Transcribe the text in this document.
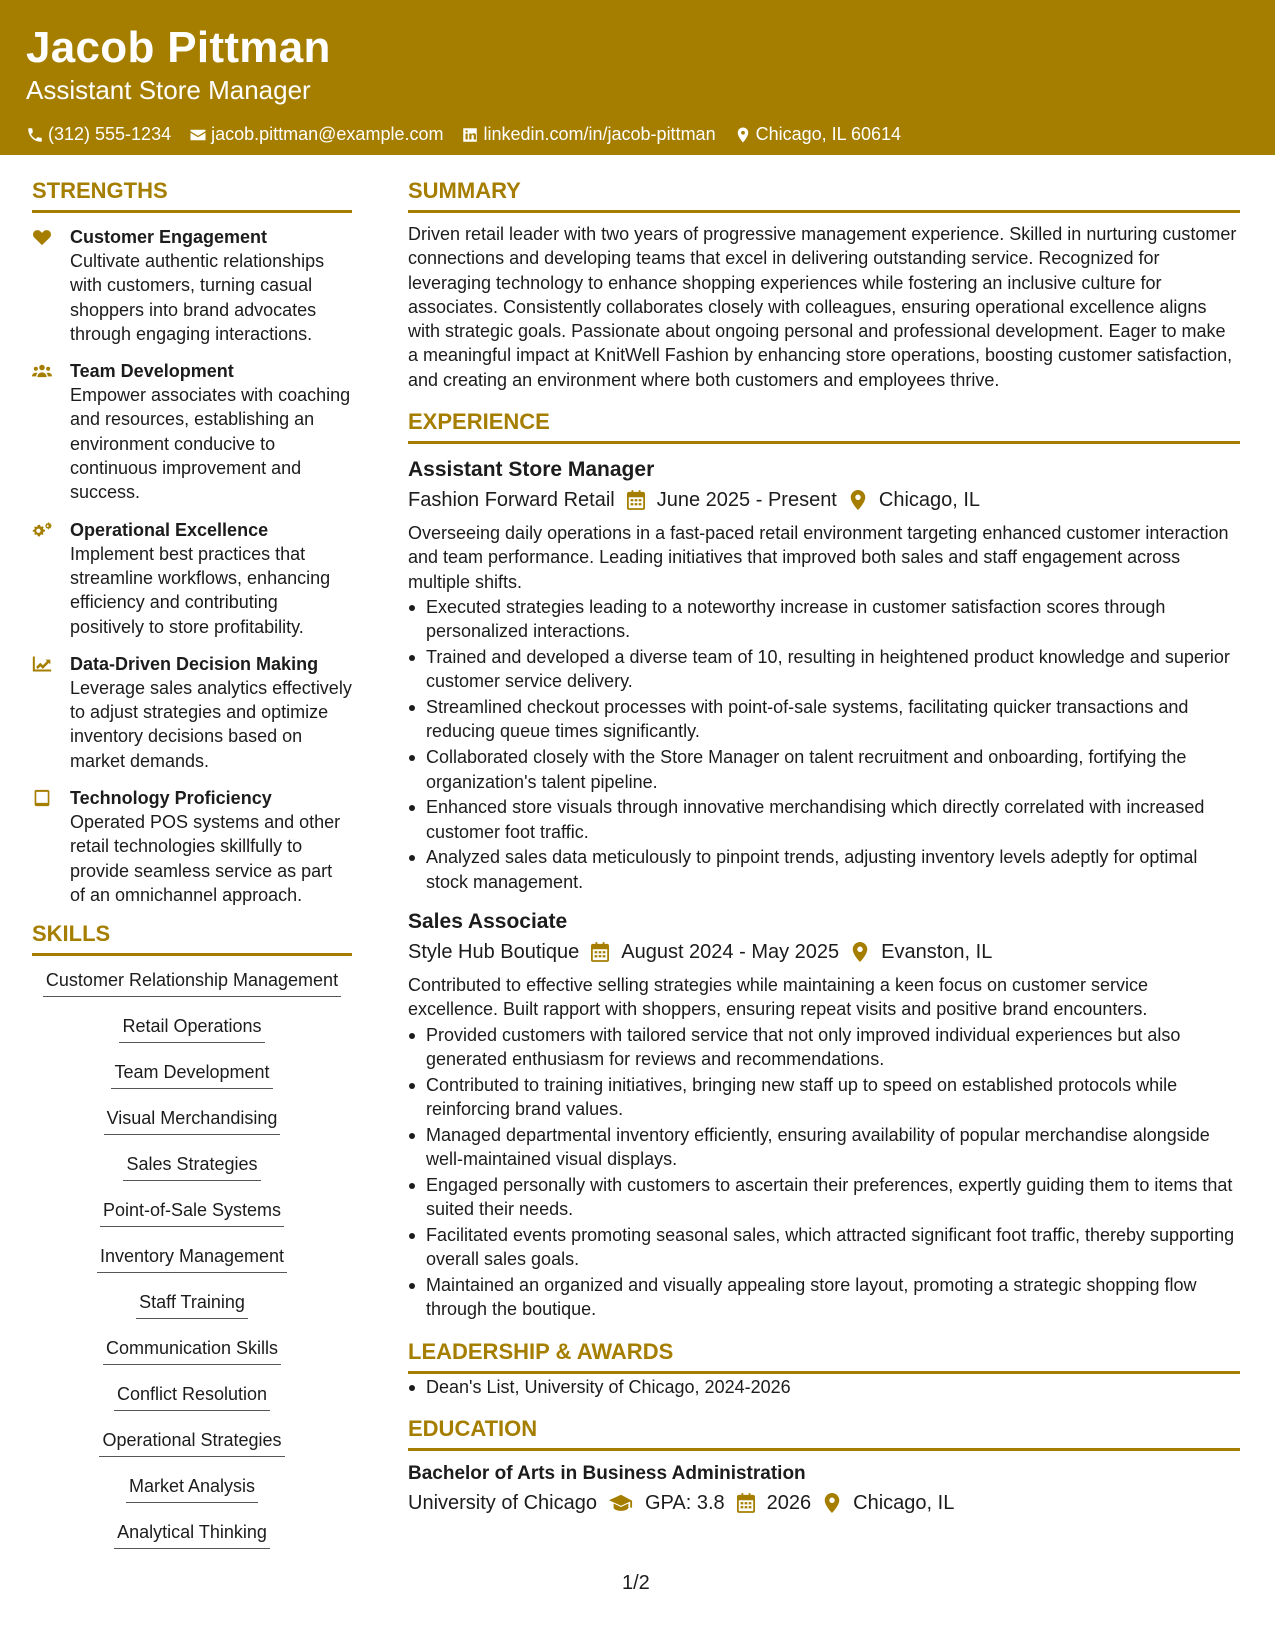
Jacob Pittman
Assistant Store Manager
(312) 555-1234 jacob.pittman@example.com linkedin.com/in/jacob-pittman Chicago, IL 60614
STRENGTHS
Customer Engagement
Cultivate authentic relationships with customers, turning casual shoppers into brand advocates through engaging interactions.
Team Development
Empower associates with coaching and resources, establishing an environment conducive to continuous improvement and success.
Operational Excellence
Implement best practices that streamline workflows, enhancing efficiency and contributing positively to store profitability.
Data-Driven Decision Making
Leverage sales analytics effectively to adjust strategies and optimize inventory decisions based on market demands.
Technology Proficiency
Operated POS systems and other retail technologies skillfully to provide seamless service as part of an omnichannel approach.
SKILLS
Customer Relationship Management
Retail Operations
Team Development
Visual Merchandising
Sales Strategies
Point-of-Sale Systems
Inventory Management
Staff Training
Communication Skills
Conflict Resolution
Operational Strategies
Market Analysis
Analytical Thinking
SUMMARY
Driven retail leader with two years of progressive management experience. Skilled in nurturing customer connections and developing teams that excel in delivering outstanding service. Recognized for leveraging technology to enhance shopping experiences while fostering an inclusive culture for associates. Consistently collaborates closely with colleagues, ensuring operational excellence aligns with strategic goals. Passionate about ongoing personal and professional development. Eager to make a meaningful impact at KnitWell Fashion by enhancing store operations, boosting customer satisfaction, and creating an environment where both customers and employees thrive.
EXPERIENCE
Assistant Store Manager
Fashion Forward Retail June 2025 - Present Chicago, IL
Overseeing daily operations in a fast-paced retail environment targeting enhanced customer interaction and team performance. Leading initiatives that improved both sales and staff engagement across multiple shifts.
Executed strategies leading to a noteworthy increase in customer satisfaction scores through personalized interactions.
Trained and developed a diverse team of 10, resulting in heightened product knowledge and superior customer service delivery.
Streamlined checkout processes with point-of-sale systems, facilitating quicker transactions and reducing queue times significantly.
Collaborated closely with the Store Manager on talent recruitment and onboarding, fortifying the organization's talent pipeline.
Enhanced store visuals through innovative merchandising which directly correlated with increased customer foot traffic.
Analyzed sales data meticulously to pinpoint trends, adjusting inventory levels adeptly for optimal stock management.
Sales Associate
Style Hub Boutique August 2024 - May 2025 Evanston, IL
Contributed to effective selling strategies while maintaining a keen focus on customer service excellence. Built rapport with shoppers, ensuring repeat visits and positive brand encounters.
Provided customers with tailored service that not only improved individual experiences but also generated enthusiasm for reviews and recommendations.
Contributed to training initiatives, bringing new staff up to speed on established protocols while reinforcing brand values.
Managed departmental inventory efficiently, ensuring availability of popular merchandise alongside well-maintained visual displays.
Engaged personally with customers to ascertain their preferences, expertly guiding them to items that suited their needs.
Facilitated events promoting seasonal sales, which attracted significant foot traffic, thereby supporting overall sales goals.
Maintained an organized and visually appealing store layout, promoting a strategic shopping flow through the boutique.
LEADERSHIP & AWARDS
Dean's List, University of Chicago, 2024-2026
EDUCATION
Bachelor of Arts in Business Administration
University of Chicago GPA: 3.8 2026 Chicago, IL
1/2
